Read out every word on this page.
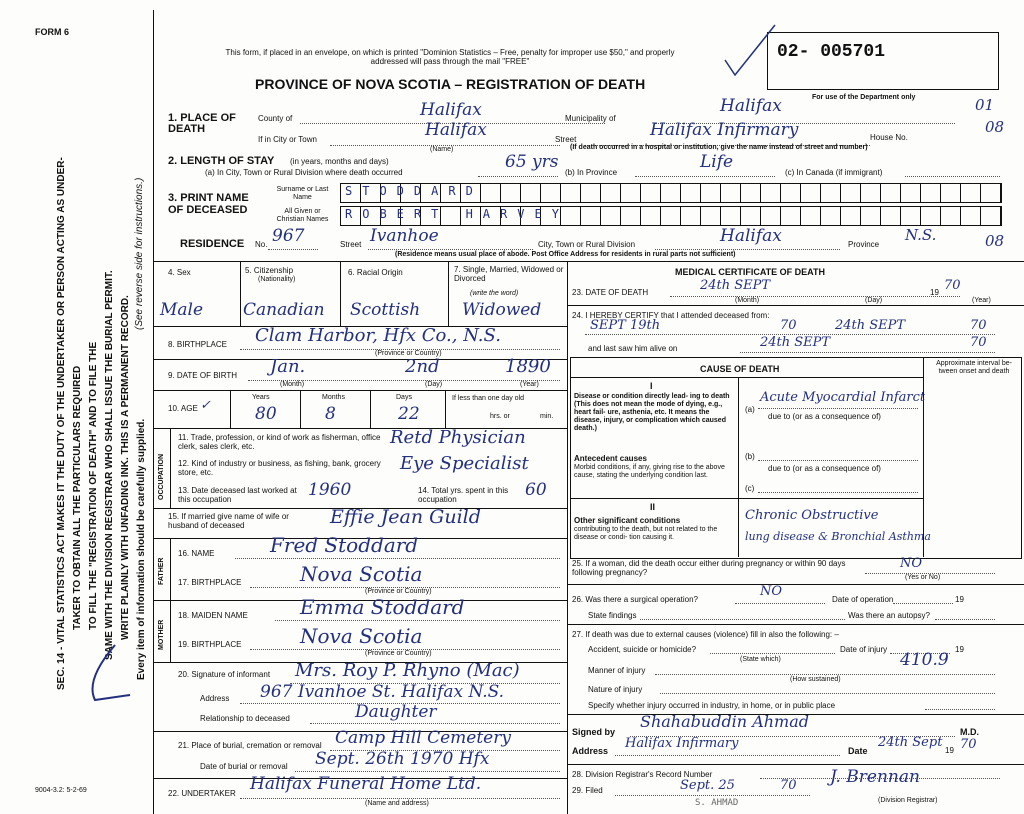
FORM 6
SEC. 14 - VITAL STATISTICS ACT MAKES IT THE DUTY OF THE UNDERTAKER OR PERSON ACTING AS UNDER- TAKER TO OBTAIN ALL THE PARTICULARS REQUIRED TO FILL THE "REGISTRATION OF DEATH" AND TO FILE THE SAME WITH THE DIVISION REGISTRAR WHO SHALL ISSUE THE BURIAL PERMIT. WRITE PLAINLY WITH UNFADING INK. THIS IS A PERMANENT RECORD.
(See reverse side for instructions.)
Every item of information should be carefully supplied.
9004-3.2: 5-2-69
This form, if placed in an envelope, on which is printed "Dominion Statistics – Free, penalty for improper use $50," and properly addressed will pass through the mail "FREE"
PROVINCE OF NOVA SCOTIA – REGISTRATION OF DEATH
02- 005701
For use of the Department only
1. PLACE OF DEATH
County of	Halifax	Municipality of
Halifax	01
If in City or Town	Halifax
(Name)
Street	Halifax Infirmary	House No.
08
(If death occurred in a hospital or institution, give the name instead of street and number)
2. LENGTH OF STAY (in years, months and days)
(a) In City, Town or Rural Division where death occurred
65 yrs
(b) In Province
Life
(c) In Canada (if immigrant)
3. PRINT NAME OF DECEASED
Surname or Last Name	STODDARD
All Given or Christian Names	ROBERT HARVEY
RESIDENCE No. 967	Street Ivanhoe	City, Town or Rural Division	Halifax	Province
N.S.	08
(Residence means usual place of abode. Post Office Address for residents in rural parts not sufficient)
4. Sex	5. Citizenship
(Nationality)
6. Racial Origin	7. Single, Married, Widowed or Divorced
(write the word)
Male Canadian Scottish Widowed
8. BIRTHPLACE Clam Harbor, Hfx Co., N.S.
(Province or Country)
9. DATE OF BIRTH Jan.	2nd	1890
(Month)	(Day)	(Year)
10. AGE ✓
Years	Months	Days
80	8	22
If less than one day old
hrs. or	min.
OCCUPATION
11. Trade, profession, or kind of work as fisherman, office clerk, sales clerk, etc.	Retd Physician
12. Kind of industry or business, as fishing, bank, grocery store, etc.	Eye Specialist
13. Date deceased last worked at this occupation	1960	14. Total yrs. spent in this occupation	60
15. If married give name of wife or husband of deceased	Effie Jean Guild
FATHER
16. NAME	Fred Stoddard
17. BIRTHPLACE	Nova Scotia
(Province or Country)
MOTHER
18. MAIDEN NAME	Emma Stoddard
19. BIRTHPLACE	Nova Scotia
(Province or Country)
20. Signature of informant	Mrs. Roy P. Rhyno (Mac)
Address 967 Ivanhoe St. Halifax N.S.
Relationship to deceased	Daughter
21. Place of burial, cremation or removal Camp Hill Cemetery
Date of burial or removal Sept. 26th 1970 Hfx
22. UNDERTAKER Halifax Funeral Home Ltd.
(Name and address)
MEDICAL CERTIFICATE OF DEATH
23. DATE OF DEATH	24th SEPT	19 70
(Month)	(Day)	(Year)
24. I HEREBY CERTIFY that I attended deceased from:
SEPT 19th	70	24th SEPT	70
and last saw him alive on	24th SEPT	70
CAUSE OF DEATH
Approximate interval be- tween onset and death
I
Disease or condition directly lead- ing to death (This does not mean the mode of dying, e.g., heart fail- ure, asthenia, etc. It means the disease, injury, or complication which caused death.)
(a)
Acute Myocardial Infarct
due to (or as a consequence of)
Antecedent causes
Morbid conditions, if any, giving rise to the above cause, stating the underlying condition last.
(b)
due to (or as a consequence of)
(c)
II
Other significant conditions
contributing to the death, but not related to the disease or condi- tion causing it.
Chronic Obstructive
lung disease & Bronchial Asthma
25. If a woman, did the death occur either during pregnancy or within 90 days following pregnancy?
NO
(Yes or No)
26. Was there a surgical operation?
NO
Date of operation	19
State findings	Was there an autopsy?
27. If death was due to external causes (violence) fill in also the following: –
Accident, suicide or homicide?	Date of injury	19
(State which)
Manner of injury
410.9
(How sustained)
Nature of injury
Specify whether injury occurred in industry, in home, or in public place
Signed by
Shahabuddin Ahmad
M.D.
Address Halifax Infirmary	Date
24th Sept
19 70
28. Division Registrar's Record Number
29. Filed	Sept. 25	70 J. Brennan
(Division Registrar)
S. AHMAD
